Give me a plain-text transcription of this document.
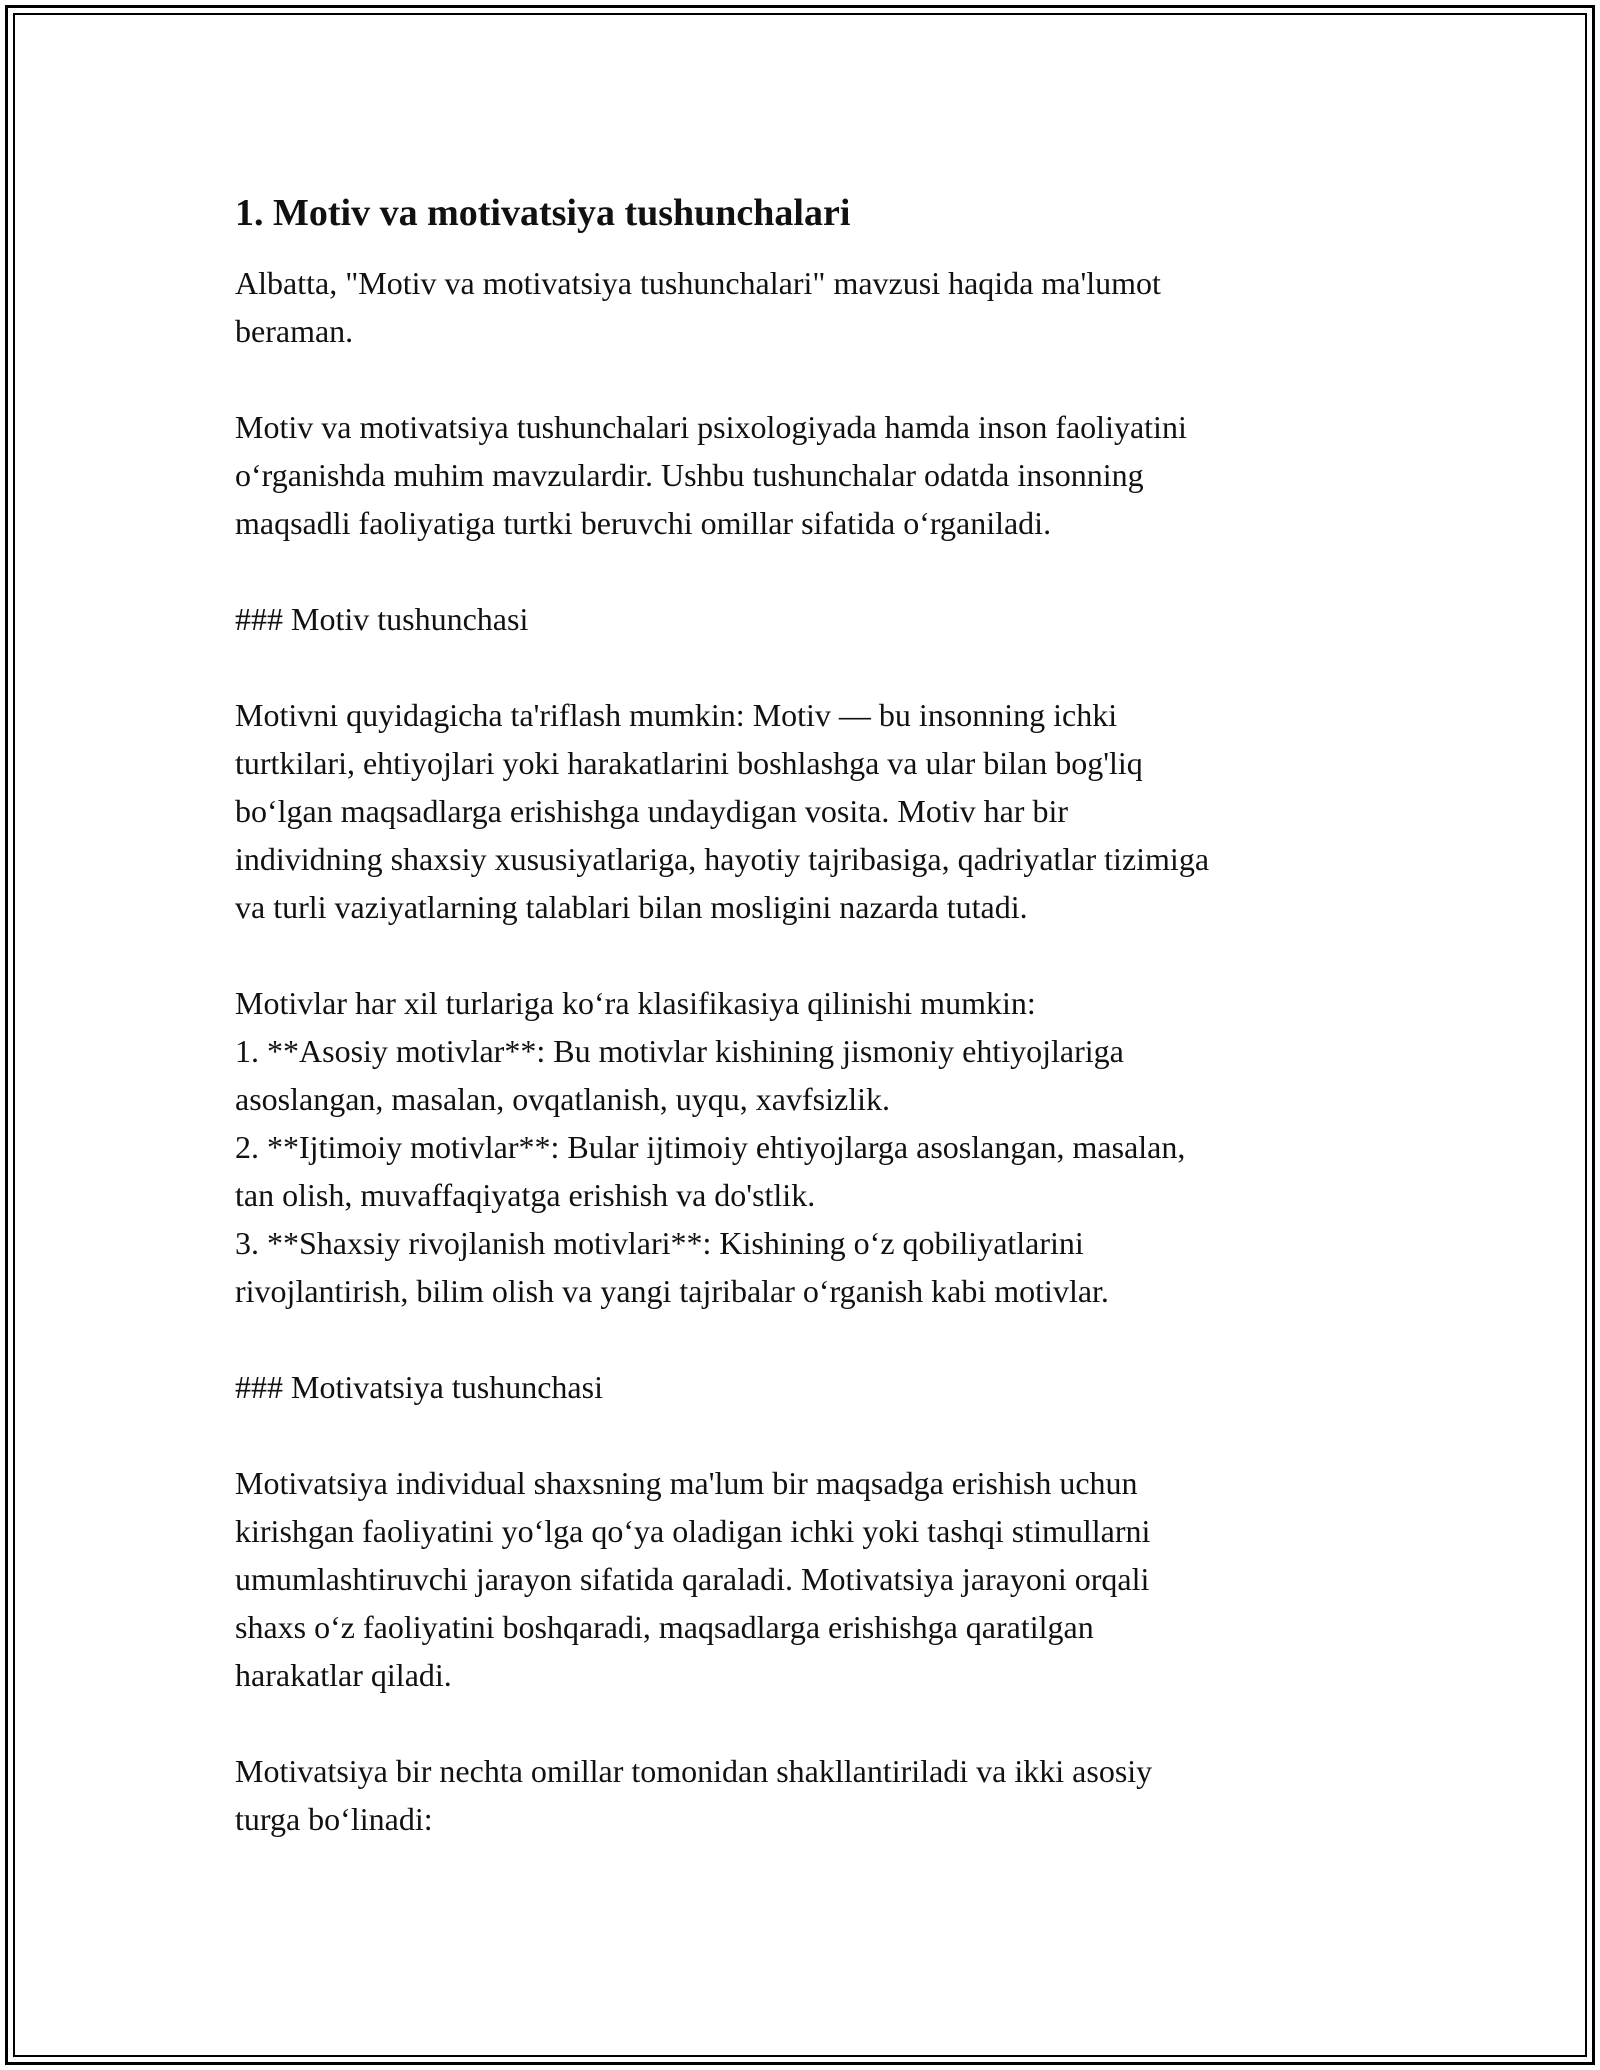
1. Motiv va motivatsiya tushunchalari

Albatta, "Motiv va motivatsiya tushunchalari" mavzusi haqida ma'lumot
beraman.

Motiv va motivatsiya tushunchalari psixologiyada hamda inson faoliyatini
o‘rganishda muhim mavzulardir. Ushbu tushunchalar odatda insonning
maqsadli faoliyatiga turtki beruvchi omillar sifatida o‘rganiladi.

### Motiv tushunchasi

Motivni quyidagicha ta'riflash mumkin: Motiv — bu insonning ichki
turtkilari, ehtiyojlari yoki harakatlarini boshlashga va ular bilan bog'liq
bo‘lgan maqsadlarga erishishga undaydigan vosita. Motiv har bir
individning shaxsiy xususiyatlariga, hayotiy tajribasiga, qadriyatlar tizimiga
va turli vaziyatlarning talablari bilan mosligini nazarda tutadi.

Motivlar har xil turlariga ko‘ra klasifikasiya qilinishi mumkin:
1. **Asosiy motivlar**: Bu motivlar kishining jismoniy ehtiyojlariga
asoslangan, masalan, ovqatlanish, uyqu, xavfsizlik.
2. **Ijtimoiy motivlar**: Bular ijtimoiy ehtiyojlarga asoslangan, masalan,
tan olish, muvaffaqiyatga erishish va do'stlik.
3. **Shaxsiy rivojlanish motivlari**: Kishining o‘z qobiliyatlarini
rivojlantirish, bilim olish va yangi tajribalar o‘rganish kabi motivlar.

### Motivatsiya tushunchasi

Motivatsiya individual shaxsning ma'lum bir maqsadga erishish uchun
kirishgan faoliyatini yo‘lga qo‘ya oladigan ichki yoki tashqi stimullarni
umumlashtiruvchi jarayon sifatida qaraladi. Motivatsiya jarayoni orqali
shaxs o‘z faoliyatini boshqaradi, maqsadlarga erishishga qaratilgan
harakatlar qiladi.

Motivatsiya bir nechta omillar tomonidan shakllantiriladi va ikki asosiy
turga bo‘linadi:
